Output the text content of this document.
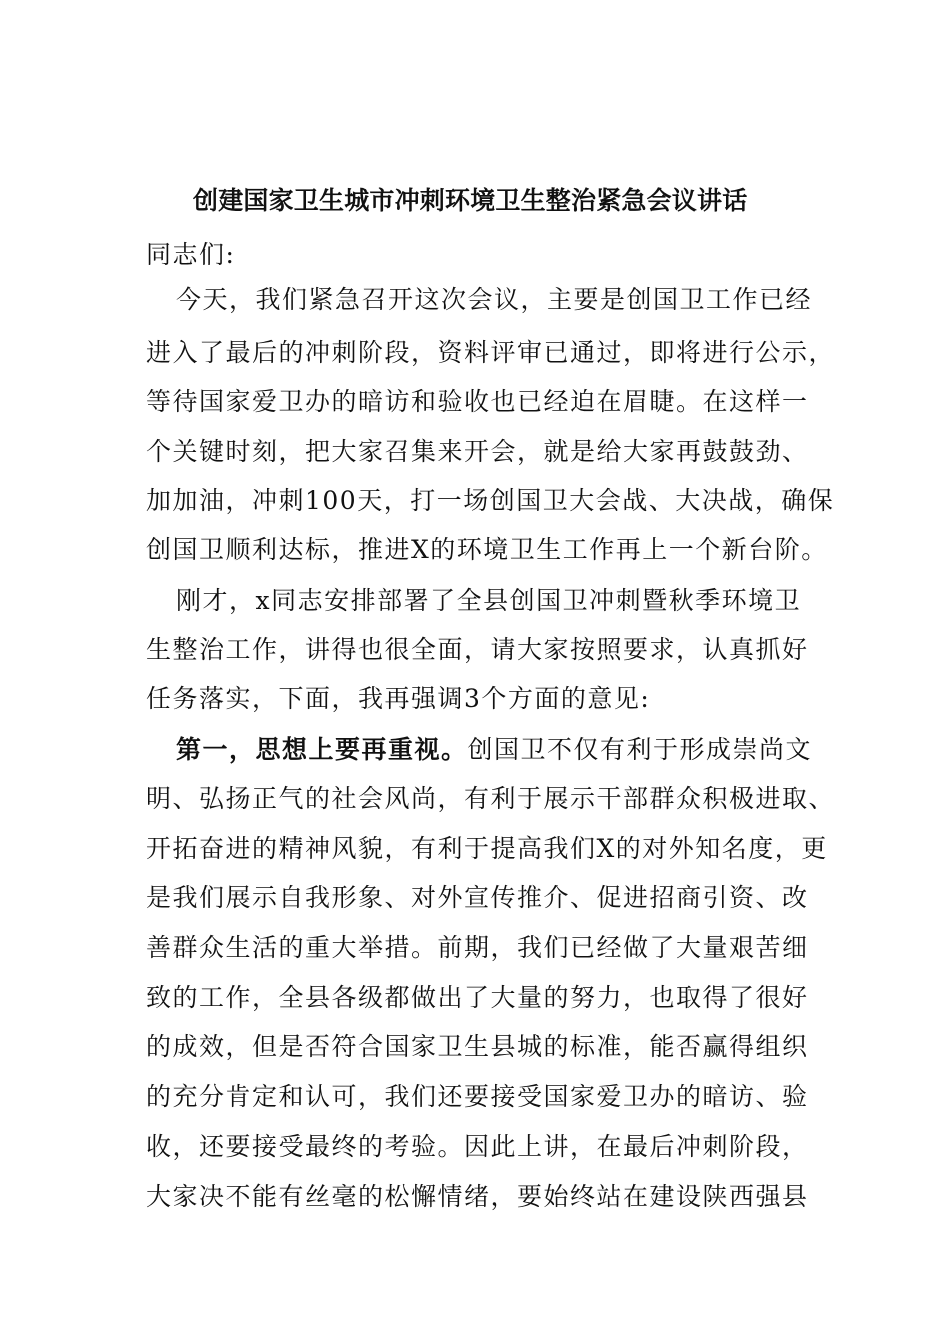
创建国家卫生城市冲刺环境卫生整治紧急会议讲话
同志们:
今天，我们紧急召开这次会议，主要是创国卫工作已经
进入了最后的冲刺阶段，资料评审已通过，即将进行公示，
等待国家爱卫办的暗访和验收也已经迫在眉睫。在这样一
个关键时刻，把大家召集来开会，就是给大家再鼓鼓劲、
加加油，冲刺100天，打一场创国卫大会战、大决战，确保
创国卫顺利达标，推进X的环境卫生工作再上一个新台阶。
刚才，x同志安排部署了全县创国卫冲刺暨秋季环境卫
生整治工作，讲得也很全面，请大家按照要求，认真抓好
任务落实，下面，我再强调3个方面的意见:
第一，思想上要再重视。创国卫不仅有利于形成崇尚文
明、弘扬正气的社会风尚，有利于展示干部群众积极进取、
开拓奋进的精神风貌，有利于提高我们X的对外知名度，更
是我们展示自我形象、对外宣传推介、促进招商引资、改
善群众生活的重大举措。前期，我们已经做了大量艰苦细
致的工作，全县各级都做出了大量的努力，也取得了很好
的成效，但是否符合国家卫生县城的标准，能否赢得组织
的充分肯定和认可，我们还要接受国家爱卫办的暗访、验
收，还要接受最终的考验。因此上讲，在最后冲刺阶段，
大家决不能有丝毫的松懈情绪，要始终站在建设陕西强县
